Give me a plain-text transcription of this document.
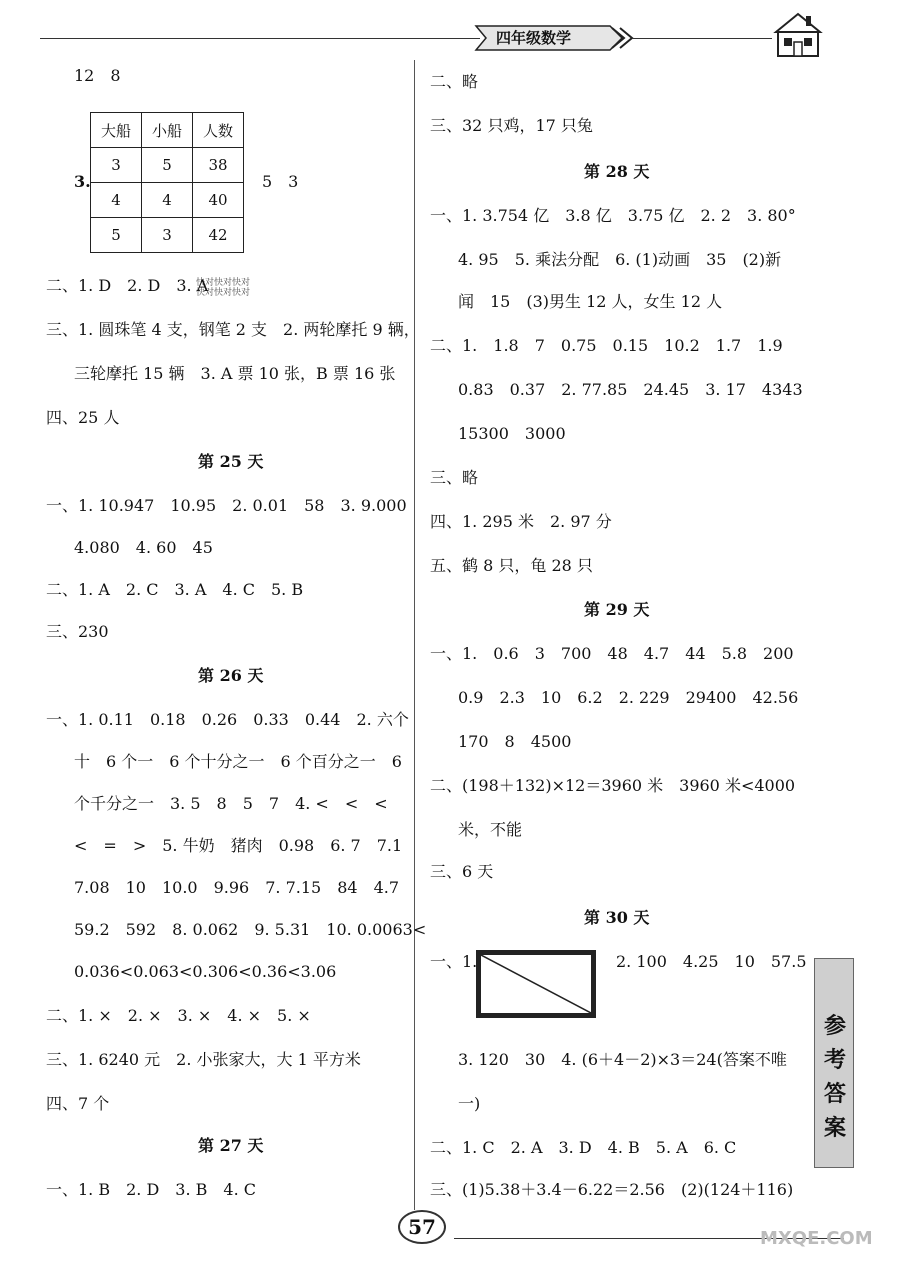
四年级数学
12　8
3.
大船	小船	人数
3	5	38
4	4	40
5	3	42
5　3
快对快对快对
快对快对快对
二、1. D　2. D　3. A
三、1. 圆珠笔 4 支，钢笔 2 支　2. 两轮摩托 9 辆，
三轮摩托 15 辆　3. A 票 10 张，B 票 16 张
四、25 人
第 25 天
一、1. 10.947　10.95　2. 0.01　58　3. 9.000
4.080　4. 60　45
二、1. A　2. C　3. A　4. C　5. B
三、230
第 26 天
一、1. 0.11　0.18　0.26　0.33　0.44　2. 六个
十　6 个一　6 个十分之一　6 个百分之一　6
个千分之一　3. 5　8　5　7　4. <　<　<
<　=　>　5. 牛奶　猪肉　0.98　6. 7　7.1
7.08　10　10.0　9.96　7. 7.15　84　4.7
59.2　592　8. 0.062　9. 5.31　10. 0.0063<
0.036<0.063<0.306<0.36<3.06
二、1. ×　2. ×　3. ×　4. ×　5. ×
三、1. 6240 元　2. 小张家大，大 1 平方米
四、7 个
第 27 天
一、1. B　2. D　3. B　4. C
二、略
三、32 只鸡，17 只兔
第 28 天
一、1. 3.754 亿　3.8 亿　3.75 亿　2. 2　3. 80°
4. 95　5. 乘法分配　6. (1)动画　35　(2)新
闻　15　(3)男生 12 人，女生 12 人
二、1.　1.8　7　0.75　0.15　10.2　1.7　1.9
0.83　0.37　2. 77.85　24.45　3. 17　4343
15300　3000
三、略
四、1. 295 米　2. 97 分
五、鹤 8 只，龟 28 只
第 29 天
一、1.　0.6　3　700　48　4.7　44　5.8　200
0.9　2.3　10　6.2　2. 229　29400　42.56
170　8　4500
二、(198＋132)×12＝3960 米　3960 米<4000
米，不能
三、6 天
第 30 天
一、1.	2. 100　4.25　10　57.5
3. 120　30　4. (6＋4－2)×3＝24(答案不唯
一)
二、1. C　2. A　3. D　4. B　5. A　6. C
三、(1)5.38＋3.4－6.22＝2.56　(2)(124＋116)
参
考
答
案
57	MXQE.COM
